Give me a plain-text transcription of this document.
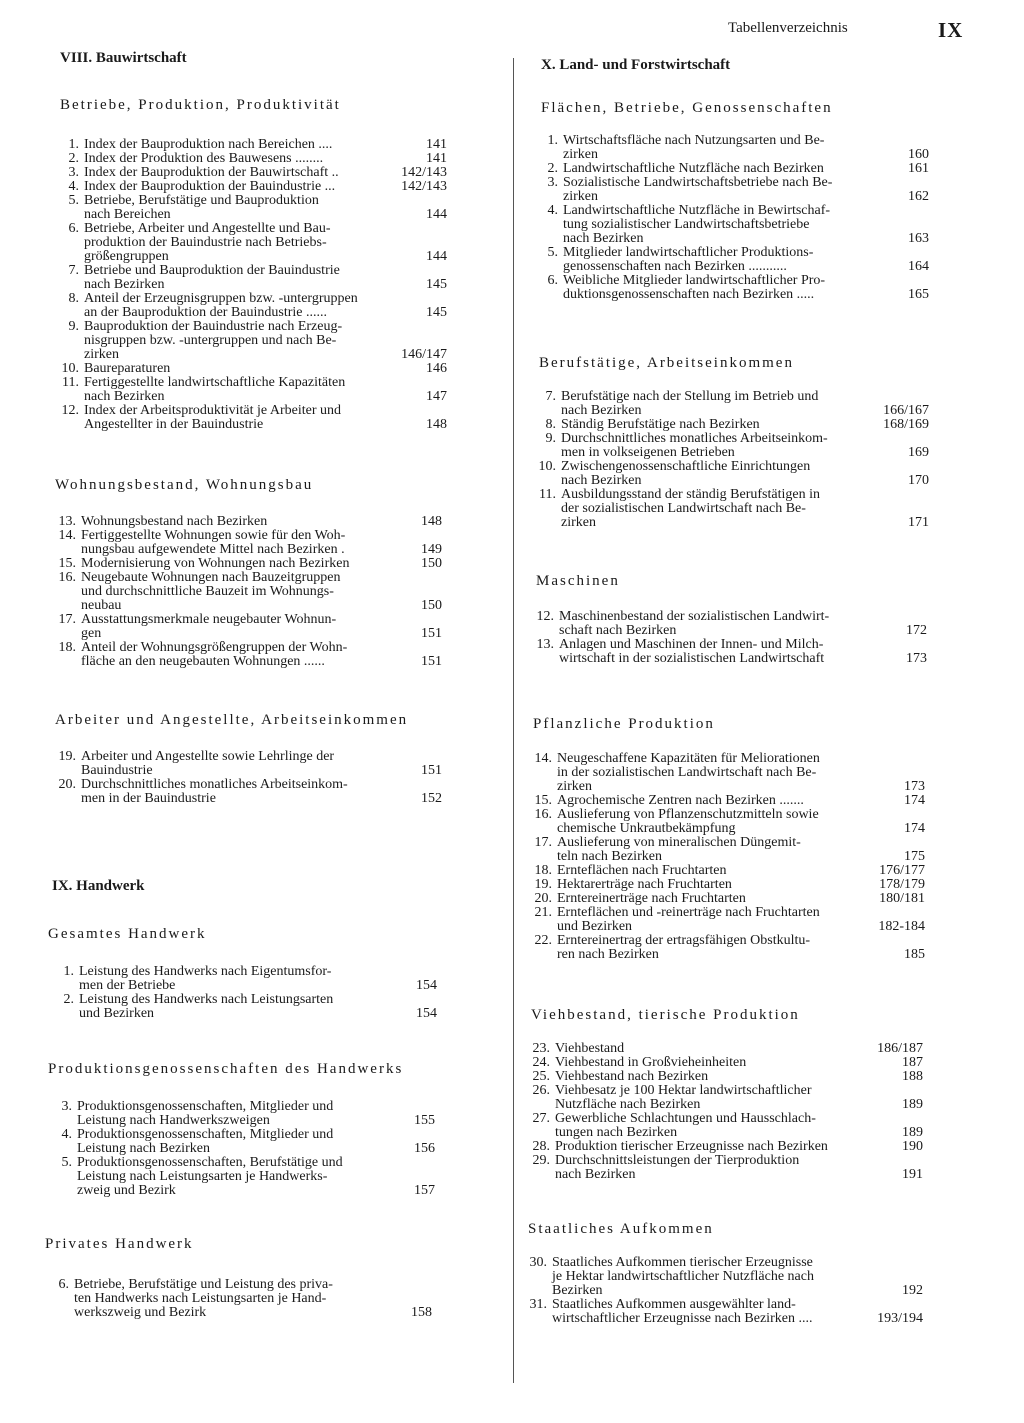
Tabellenverzeichnis	IX
VIII. Bauwirtschaft
Betriebe, Produktion, Produktivität
1. Index der Bauproduktion nach Bereichen ....	141
2. Index der Produktion des Bauwesens ........	141
3. Index der Bauproduktion der Bauwirtschaft ..	142/143
4. Index der Bauproduktion der Bauindustrie ...	142/143
5. Betriebe, Berufstätige und Bauproduktion
nach Bereichen	144
6. Betriebe, Arbeiter und Angestellte und Bau-
produktion der Bauindustrie nach Betriebs-
größengruppen	144
7. Betriebe und Bauproduktion der Bauindustrie
nach Bezirken	145
8. Anteil der Erzeugnisgruppen bzw. -untergruppen
an der Bauproduktion der Bauindustrie ......	145
9. Bauproduktion der Bauindustrie nach Erzeug-
nisgruppen bzw. -untergruppen und nach Be-
zirken	146/147
10. Baureparaturen	146
11. Fertiggestellte landwirtschaftliche Kapazitäten
nach Bezirken	147
12. Index der Arbeitsproduktivität je Arbeiter und
Angestellter in der Bauindustrie	148
Wohnungsbestand, Wohnungsbau
13. Wohnungsbestand nach Bezirken	148
14. Fertiggestellte Wohnungen sowie für den Woh-
nungsbau aufgewendete Mittel nach Bezirken .	149
15. Modernisierung von Wohnungen nach Bezirken	150
16. Neugebaute Wohnungen nach Bauzeitgruppen
und durchschnittliche Bauzeit im Wohnungs-
neubau	150
17. Ausstattungsmerkmale neugebauter Wohnun-
gen	151
18. Anteil der Wohnungsgrößengruppen der Wohn-
fläche an den neugebauten Wohnungen ......	151
Arbeiter und Angestellte, Arbeitseinkommen
19. Arbeiter und Angestellte sowie Lehrlinge der
Bauindustrie	151
20. Durchschnittliches monatliches Arbeitseinkom-
men in der Bauindustrie	152
IX. Handwerk
Gesamtes Handwerk
1. Leistung des Handwerks nach Eigentumsfor-
men der Betriebe	154
2. Leistung des Handwerks nach Leistungsarten
und Bezirken	154
Produktionsgenossenschaften des Handwerks
3. Produktionsgenossenschaften, Mitglieder und
Leistung nach Handwerkszweigen	155
4. Produktionsgenossenschaften, Mitglieder und
Leistung nach Bezirken	156
5. Produktionsgenossenschaften, Berufstätige und
Leistung nach Leistungsarten je Handwerks-
zweig und Bezirk	157
Privates Handwerk
6. Betriebe, Berufstätige und Leistung des priva-
ten Handwerks nach Leistungsarten je Hand-
werkszweig und Bezirk	158
X. Land- und Forstwirtschaft
Flächen, Betriebe, Genossenschaften
1. Wirtschaftsfläche nach Nutzungsarten und Be-
zirken	160
2. Landwirtschaftliche Nutzfläche nach Bezirken	161
3. Sozialistische Landwirtschaftsbetriebe nach Be-
zirken	162
4. Landwirtschaftliche Nutzfläche in Bewirtschaf-
tung sozialistischer Landwirtschaftsbetriebe
nach Bezirken	163
5. Mitglieder landwirtschaftlicher Produktions-
genossenschaften nach Bezirken ...........	164
6. Weibliche Mitglieder landwirtschaftlicher Pro-
duktionsgenossenschaften nach Bezirken .....	165
Berufstätige, Arbeitseinkommen
7. Berufstätige nach der Stellung im Betrieb und
nach Bezirken	166/167
8. Ständig Berufstätige nach Bezirken	168/169
9. Durchschnittliches monatliches Arbeitseinkom-
men in volkseigenen Betrieben	169
10. Zwischengenossenschaftliche Einrichtungen
nach Bezirken	170
11. Ausbildungsstand der ständig Berufstätigen in
der sozialistischen Landwirtschaft nach Be-
zirken	171
Maschinen
12. Maschinenbestand der sozialistischen Landwirt-
schaft nach Bezirken	172
13. Anlagen und Maschinen der Innen- und Milch-
wirtschaft in der sozialistischen Landwirtschaft	173
Pflanzliche Produktion
14. Neugeschaffene Kapazitäten für Meliorationen
in der sozialistischen Landwirtschaft nach Be-
zirken	173
15. Agrochemische Zentren nach Bezirken .......	174
16. Auslieferung von Pflanzenschutzmitteln sowie
chemische Unkrautbekämpfung	174
17. Auslieferung von mineralischen Düngemit-
teln nach Bezirken	175
18. Ernteflächen nach Fruchtarten	176/177
19. Hektarerträge nach Fruchtarten	178/179
20. Erntereinerträge nach Fruchtarten	180/181
21. Ernteflächen und -reinerträge nach Fruchtarten
und Bezirken	182-184
22. Erntereinertrag der ertragsfähigen Obstkultu-
ren nach Bezirken	185
Viehbestand, tierische Produktion
23. Viehbestand	186/187
24. Viehbestand in Großvieheinheiten	187
25. Viehbestand nach Bezirken	188
26. Viehbesatz je 100 Hektar landwirtschaftlicher
Nutzfläche nach Bezirken	189
27. Gewerbliche Schlachtungen und Hausschlach-
tungen nach Bezirken	189
28. Produktion tierischer Erzeugnisse nach Bezirken	190
29. Durchschnittsleistungen der Tierproduktion
nach Bezirken	191
Staatliches Aufkommen
30. Staatliches Aufkommen tierischer Erzeugnisse
je Hektar landwirtschaftlicher Nutzfläche nach
Bezirken	192
31. Staatliches Aufkommen ausgewählter land-
wirtschaftlicher Erzeugnisse nach Bezirken ....	193/194
